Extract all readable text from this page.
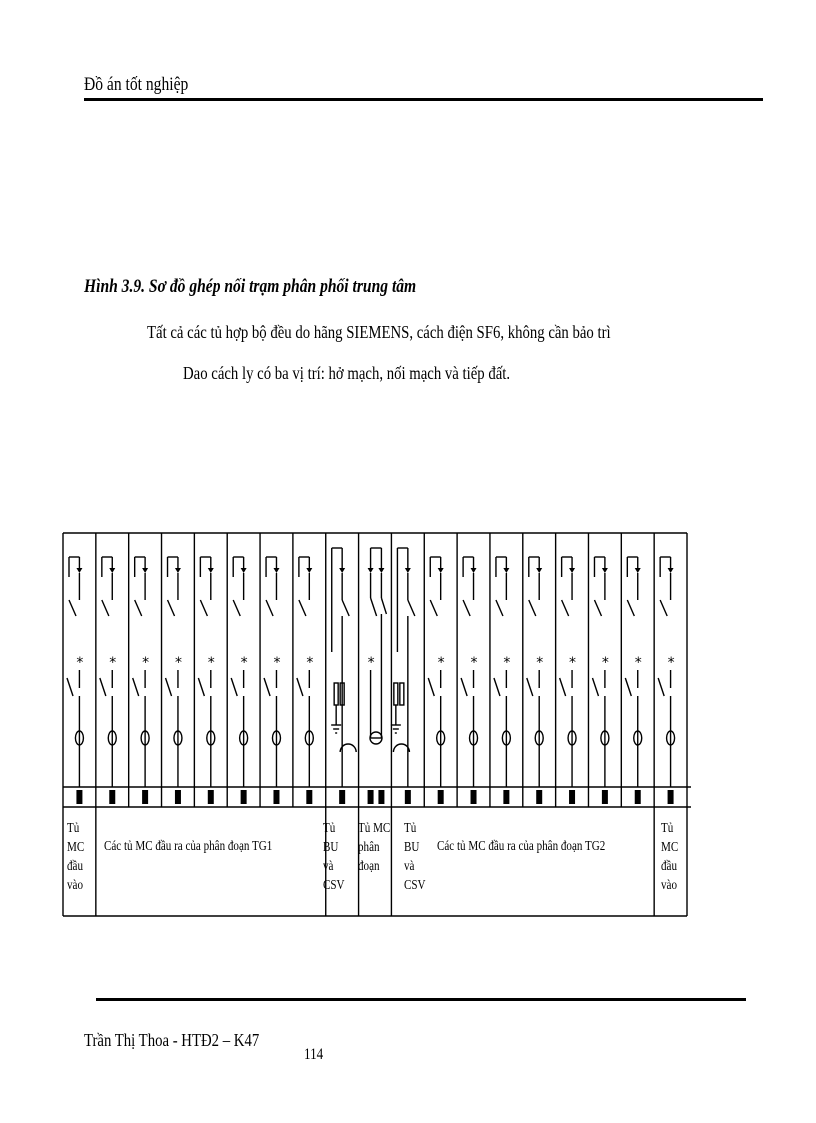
Đồ án tốt nghiệp
Hình 3.9. Sơ đồ ghép nối trạm phân phối trung tâm
Tất cả các tủ hợp bộ đều do hãng SIEMENS, cách điện SF6, không cần bảo trì
Dao cách ly có ba vị trí: hở mạch, nối mạch và tiếp đất.
* * * * * * * *	*	* * * * * * * *
Tủ
MC
đầu
vào
Các tủ MC đầu ra của phân đoạn TG1
Tủ
BU
và
CSV
Tủ MC
phân
đoạn
Tủ
BU
và
CSV
Các tủ MC đầu ra của phân đoạn TG2
Tủ
MC
đầu
vào
Trần Thị Thoa - HTĐ2 – K47
114
